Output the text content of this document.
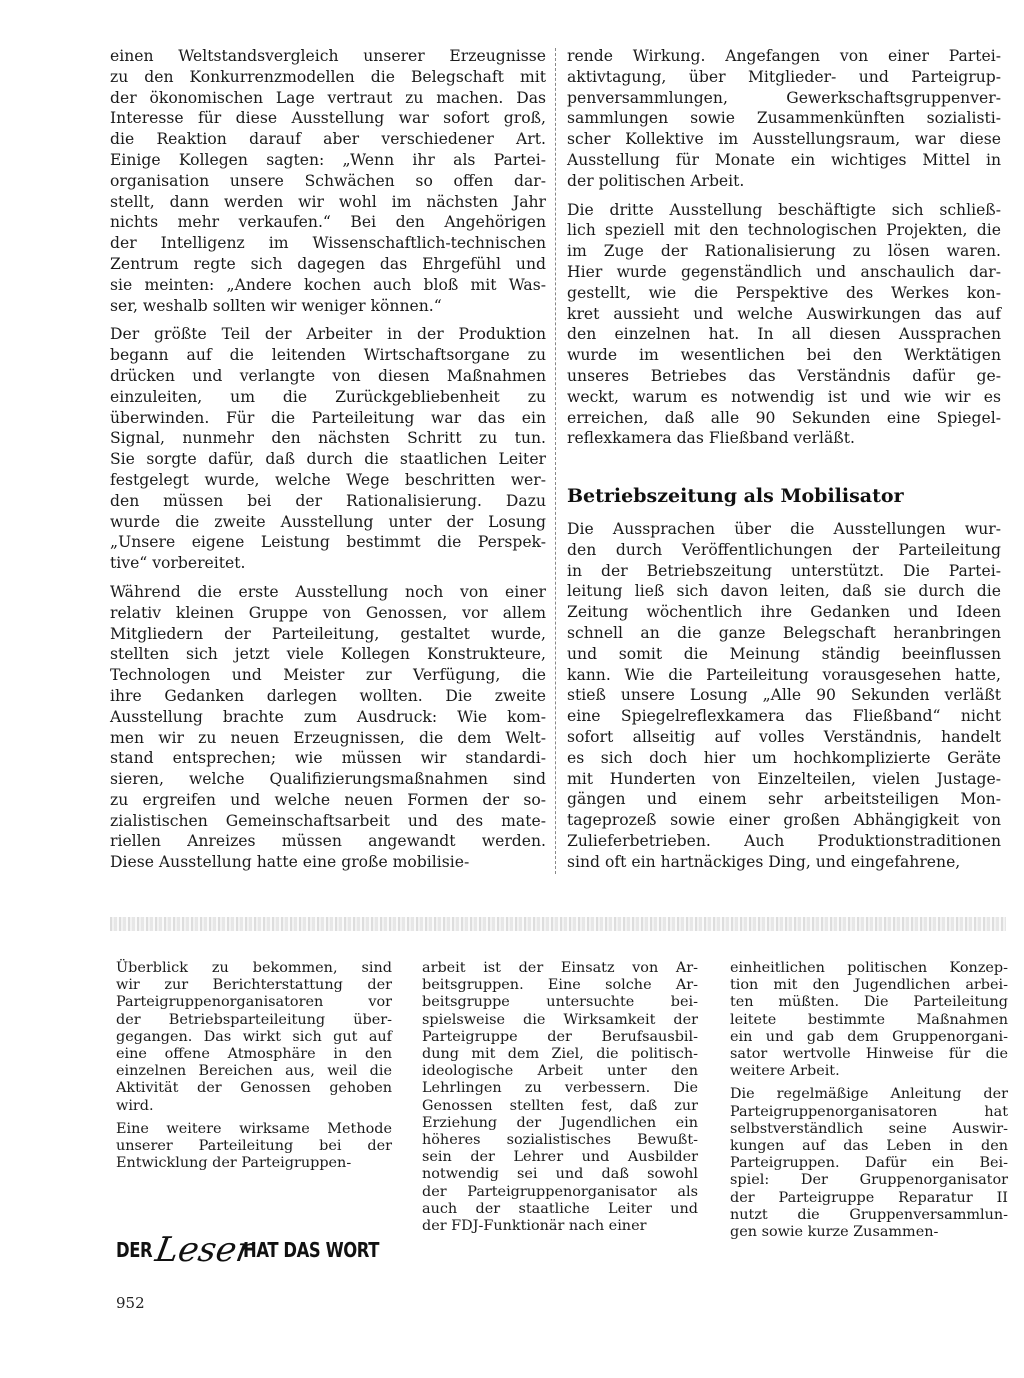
einen Weltstandsvergleich unserer Erzeugnisse
zu den Konkurrenzmodellen die Belegschaft mit
der ökonomischen Lage vertraut zu machen. Das
Interesse für diese Ausstellung war sofort groß,
die Reaktion darauf aber verschiedener Art.
Einige Kollegen sagten: „Wenn ihr als Partei-
organisation unsere Schwächen so offen dar-
stellt, dann werden wir wohl im nächsten Jahr
nichts mehr verkaufen.“ Bei den Angehörigen
der Intelligenz im Wissenschaftlich-technischen
Zentrum regte sich dagegen das Ehrgefühl und
sie meinten: „Andere kochen auch bloß mit Was-
ser, weshalb sollten wir weniger können.“
Der größte Teil der Arbeiter in der Produktion
begann auf die leitenden Wirtschaftsorgane zu
drücken und verlangte von diesen Maßnahmen
einzuleiten, um die Zurückgebliebenheit zu
überwinden. Für die Parteileitung war das ein
Signal, nunmehr den nächsten Schritt zu tun.
Sie sorgte dafür, daß durch die staatlichen Leiter
festgelegt wurde, welche Wege beschritten wer-
den müssen bei der Rationalisierung. Dazu
wurde die zweite Ausstellung unter der Losung
„Unsere eigene Leistung bestimmt die Perspek-
tive“ vorbereitet.
Während die erste Ausstellung noch von einer
relativ kleinen Gruppe von Genossen, vor allem
Mitgliedern der Parteileitung, gestaltet wurde,
stellten sich jetzt viele Kollegen Konstrukteure,
Technologen und Meister zur Verfügung, die
ihre Gedanken darlegen wollten. Die zweite
Ausstellung brachte zum Ausdruck: Wie kom-
men wir zu neuen Erzeugnissen, die dem Welt-
stand entsprechen; wie müssen wir standardi-
sieren, welche Qualifizierungsmaßnahmen sind
zu ergreifen und welche neuen Formen der so-
zialistischen Gemeinschaftsarbeit und des mate-
riellen Anreizes müssen angewandt werden.
Diese Ausstellung hatte eine große mobilisie-
rende Wirkung. Angefangen von einer Partei-
aktivtagung, über Mitglieder- und Parteigrup-
penversammlungen, Gewerkschaftsgruppenver-
sammlungen sowie Zusammenkünften sozialisti-
scher Kollektive im Ausstellungsraum, war diese
Ausstellung für Monate ein wichtiges Mittel in
der politischen Arbeit.
Die dritte Ausstellung beschäftigte sich schließ-
lich speziell mit den technologischen Projekten, die
im Zuge der Rationalisierung zu lösen waren.
Hier wurde gegenständlich und anschaulich dar-
gestellt, wie die Perspektive des Werkes kon-
kret aussieht und welche Auswirkungen das auf
den einzelnen hat. In all diesen Aussprachen
wurde im wesentlichen bei den Werktätigen
unseres Betriebes das Verständnis dafür ge-
weckt, warum es notwendig ist und wie wir es
erreichen, daß alle 90 Sekunden eine Spiegel-
reflexkamera das Fließband verläßt.
Betriebszeitung als Mobilisator
Die Aussprachen über die Ausstellungen wur-
den durch Veröffentlichungen der Parteileitung
in der Betriebszeitung unterstützt. Die Partei-
leitung ließ sich davon leiten, daß sie durch die
Zeitung wöchentlich ihre Gedanken und Ideen
schnell an die ganze Belegschaft heranbringen
und somit die Meinung ständig beeinflussen
kann. Wie die Parteileitung vorausgesehen hatte,
stieß unsere Losung „Alle 90 Sekunden verläßt
eine Spiegelreflexkamera das Fließband“ nicht
sofort allseitig auf volles Verständnis, handelt
es sich doch hier um hochkomplizierte Geräte
mit Hunderten von Einzelteilen, vielen Justage-
gängen und einem sehr arbeitsteiligen Mon-
tageprozeß sowie einer großen Abhängigkeit von
Zulieferbetrieben. Auch Produktionstraditionen
sind oft ein hartnäckiges Ding, und eingefahrene,
Überblick zu bekommen, sind
wir zur Berichterstattung der
Parteigruppenorganisatoren vor
der Betriebsparteileitung über-
gegangen. Das wirkt sich gut auf
eine offene Atmosphäre in den
einzelnen Bereichen aus, weil die
Aktivität der Genossen gehoben
wird.
Eine weitere wirksame Methode
unserer Parteileitung bei der
Entwicklung der Parteigruppen-
arbeit ist der Einsatz von Ar-
beitsgruppen. Eine solche Ar-
beitsgruppe untersuchte bei-
spielsweise die Wirksamkeit der
Parteigruppe der Berufsausbil-
dung mit dem Ziel, die politisch-
ideologische Arbeit unter den
Lehrlingen zu verbessern. Die
Genossen stellten fest, daß zur
Erziehung der Jugendlichen ein
höheres sozialistisches Bewußt-
sein der Lehrer und Ausbilder
notwendig sei und daß sowohl
der Parteigruppenorganisator als
auch der staatliche Leiter und
der FDJ-Funktionär nach einer
einheitlichen politischen Konzep-
tion mit den Jugendlichen arbei-
ten müßten. Die Parteileitung
leitete bestimmte Maßnahmen
ein und gab dem Gruppenorgani-
sator wertvolle Hinweise für die
weitere Arbeit.
Die regelmäßige Anleitung der
Parteigruppenorganisatoren hat
selbstverständlich seine Auswir-
kungen auf das Leben in den
Parteigruppen. Dafür ein Bei-
spiel: Der Gruppenorganisator
der Parteigruppe Reparatur II
nutzt die Gruppenversammlun-
gen sowie kurze Zusammen-
DER Leser
HAT DAS WORT
952
